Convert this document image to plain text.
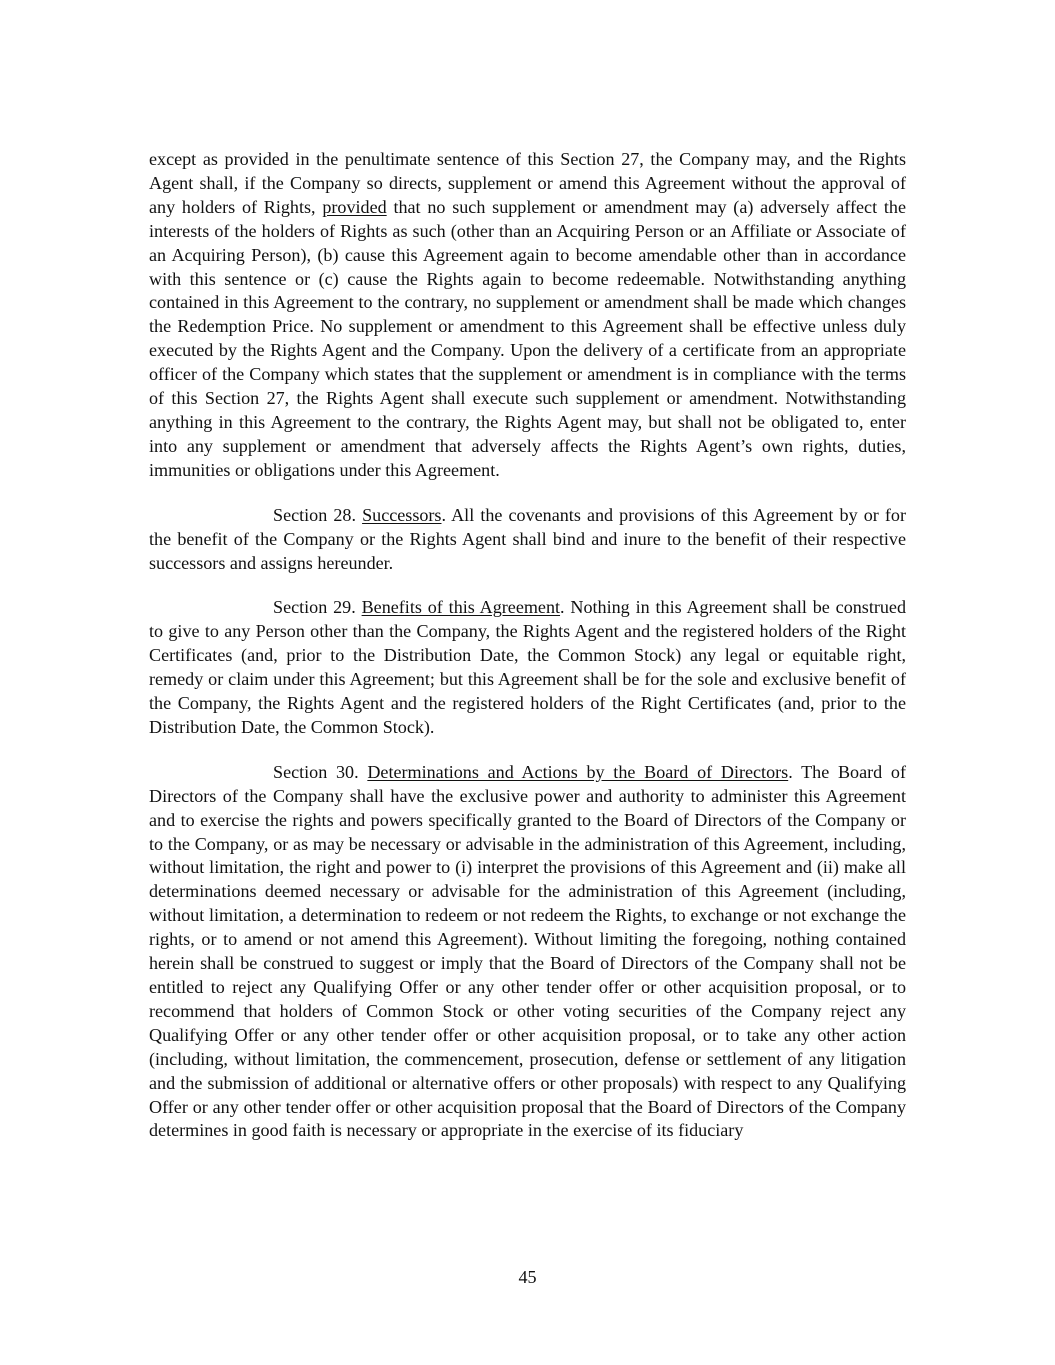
except as provided in the penultimate sentence of this Section 27, the Company may, and the Rights Agent shall, if the Company so directs, supplement or amend this Agreement without the approval of any holders of Rights, provided that no such supplement or amendment may (a) adversely affect the interests of the holders of Rights as such (other than an Acquiring Person or an Affiliate or Associate of an Acquiring Person), (b) cause this Agreement again to become amendable other than in accordance with this sentence or (c) cause the Rights again to become redeemable. Notwithstanding anything contained in this Agreement to the contrary, no supplement or amendment shall be made which changes the Redemption Price. No supplement or amendment to this Agreement shall be effective unless duly executed by the Rights Agent and the Company. Upon the delivery of a certificate from an appropriate officer of the Company which states that the supplement or amendment is in compliance with the terms of this Section 27, the Rights Agent shall execute such supplement or amendment. Notwithstanding anything in this Agreement to the contrary, the Rights Agent may, but shall not be obligated to, enter into any supplement or amendment that adversely affects the Rights Agent’s own rights, duties, immunities or obligations under this Agreement.

Section 28. Successors. All the covenants and provisions of this Agreement by or for the benefit of the Company or the Rights Agent shall bind and inure to the benefit of their respective successors and assigns hereunder.

Section 29. Benefits of this Agreement. Nothing in this Agreement shall be construed to give to any Person other than the Company, the Rights Agent and the registered holders of the Right Certificates (and, prior to the Distribution Date, the Common Stock) any legal or equitable right, remedy or claim under this Agreement; but this Agreement shall be for the sole and exclusive benefit of the Company, the Rights Agent and the registered holders of the Right Certificates (and, prior to the Distribution Date, the Common Stock).

Section 30. Determinations and Actions by the Board of Directors. The Board of Directors of the Company shall have the exclusive power and authority to administer this Agreement and to exercise the rights and powers specifically granted to the Board of Directors of the Company or to the Company, or as may be necessary or advisable in the administration of this Agreement, including, without limitation, the right and power to (i) interpret the provisions of this Agreement and (ii) make all determinations deemed necessary or advisable for the administration of this Agreement (including, without limitation, a determination to redeem or not redeem the Rights, to exchange or not exchange the rights, or to amend or not amend this Agreement). Without limiting the foregoing, nothing contained herein shall be construed to suggest or imply that the Board of Directors of the Company shall not be entitled to reject any Qualifying Offer or any other tender offer or other acquisition proposal, or to recommend that holders of Common Stock or other voting securities of the Company reject any Qualifying Offer or any other tender offer or other acquisition proposal, or to take any other action (including, without limitation, the commencement, prosecution, defense or settlement of any litigation and the submission of additional or alternative offers or other proposals) with respect to any Qualifying Offer or any other tender offer or other acquisition proposal that the Board of Directors of the Company determines in good faith is necessary or appropriate in the exercise of its fiduciary

45
